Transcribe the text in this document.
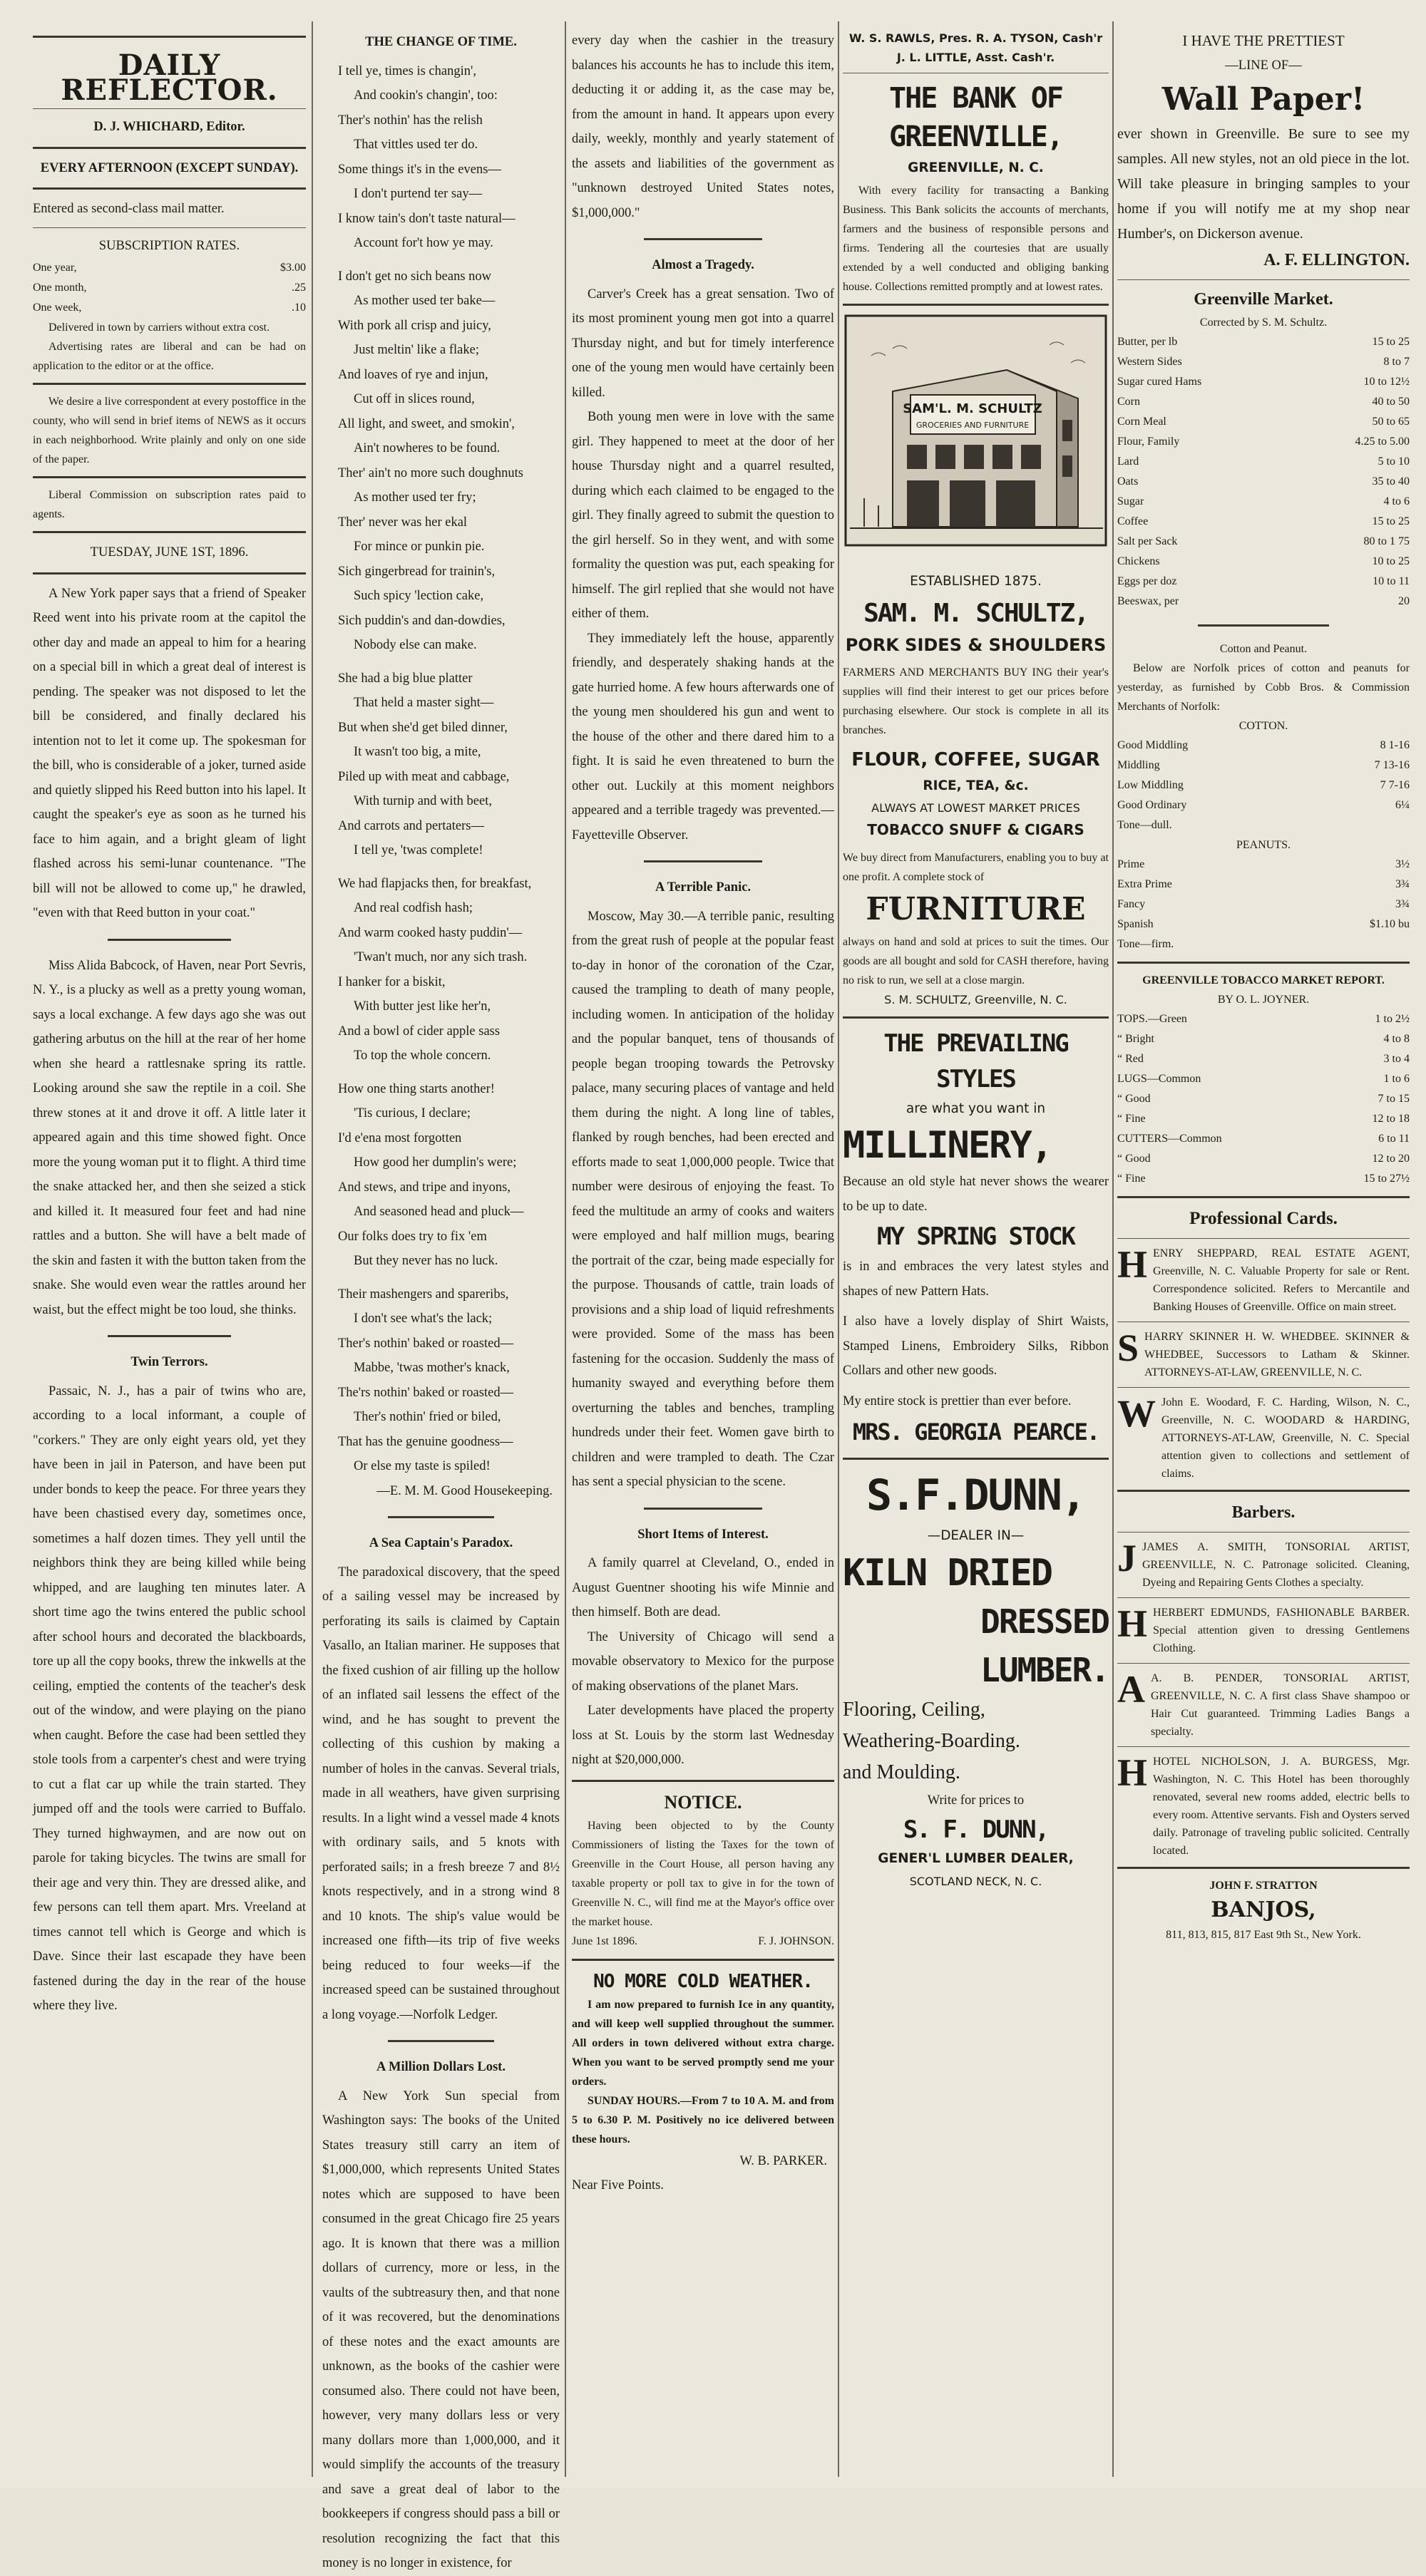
DAILY REFLECTOR.

D. J. WHICHARD, Editor.

EVERY AFTERNOON (EXCEPT SUNDAY).

Entered as second-class mail matter.

SUBSCRIPTION RATES.

One year,	$3.00
One month,	.25
One week,	.10

Delivered in town by carriers without extra cost.

Advertising rates are liberal and can be had on application to the editor or at the office.

We desire a live correspondent at every postoffice in the county, who will send in brief items of NEWS as it occurs in each neighborhood. Write plainly and only on one side of the paper.

Liberal Commission on subscription rates paid to agents.

TUESDAY, JUNE 1ST, 1896.

A New York paper says that a friend of Speaker Reed went into his private room at the capitol the other day and made an appeal to him for a hearing on a special bill in which a great deal of interest is pending. The speaker was not disposed to let the bill be considered, and finally declared his intention not to let it come up. The spokesman for the bill, who is considerable of a joker, turned aside and quietly slipped his Reed button into his lapel. It caught the speaker's eye as soon as he turned his face to him again, and a bright gleam of light flashed across his semi-lunar countenance. "The bill will not be allowed to come up," he drawled, "even with that Reed button in your coat."

Miss Alida Babcock, of Haven, near Port Sevris, N. Y., is a plucky as well as a pretty young woman, says a local exchange. A few days ago she was out gathering arbutus on the hill at the rear of her home when she heard a rattlesnake spring its rattle. Looking around she saw the reptile in a coil. She threw stones at it and drove it off. A little later it appeared again and this time showed fight. Once more the young woman put it to flight. A third time the snake attacked her, and then she seized a stick and killed it. It measured four feet and had nine rattles and a button. She will have a belt made of the skin and fasten it with the button taken from the snake. She would even wear the rattles around her waist, but the effect might be too loud, she thinks.

Twin Terrors.

Passaic, N. J., has a pair of twins who are, according to a local informant, a couple of "corkers." They are only eight years old, yet they have been in jail in Paterson, and have been put under bonds to keep the peace. For three years they have been chastised every day, sometimes once, sometimes a half dozen times. They yell until the neighbors think they are being killed while being whipped, and are laughing ten minutes later. A short time ago the twins entered the public school after school hours and decorated the blackboards, tore up all the copy books, threw the inkwells at the ceiling, emptied the contents of the teacher's desk out of the window, and were playing on the piano when caught. Before the case had been settled they stole tools from a carpenter's chest and were trying to cut a flat car up while the train started. They jumped off and the tools were carried to Buffalo. They turned highwaymen, and are now out on parole for taking bicycles. The twins are small for their age and very thin. They are dressed alike, and few persons can tell them apart. Mrs. Vreeland at times cannot tell which is George and which is Dave. Since their last escapade they have been fastened during the day in the rear of the house where they live.

THE CHANGE OF TIME.

I tell ye, times is changin',

And cookin's changin', too:

Ther's nothin' has the relish

That vittles used ter do.

Some things it's in the evens—

I don't purtend ter say—

I know tain's don't taste natural—

Account for't how ye may.

I don't get no sich beans now

As mother used ter bake—

With pork all crisp and juicy,

Just meltin' like a flake;

And loaves of rye and injun,

Cut off in slices round,

All light, and sweet, and smokin',

Ain't nowheres to be found.

Ther' ain't no more such doughnuts

As mother used ter fry;

Ther' never was her ekal

For mince or punkin pie.

Sich gingerbread for trainin's,

Such spicy 'lection cake,

Sich puddin's and dan-dowdies,

Nobody else can make.

She had a big blue platter

That held a master sight—

But when she'd get biled dinner,

It wasn't too big, a mite,

Piled up with meat and cabbage,

With turnip and with beet,

And carrots and pertaters—

I tell ye, 'twas complete!

We had flapjacks then, for breakfast,

And real codfish hash;

And warm cooked hasty puddin'—

'Twan't much, nor any sich trash.

I hanker for a biskit,

With butter jest like her'n,

And a bowl of cider apple sass

To top the whole concern.

How one thing starts another!

'Tis curious, I declare;

I'd e'ena most forgotten

How good her dumplin's were;

And stews, and tripe and inyons,

And seasoned head and pluck—

Our folks does try to fix 'em

But they never has no luck.

Their mashengers and spareribs,

I don't see what's the lack;

Ther's nothin' baked or roasted—

Mabbe, 'twas mother's knack,

The'rs nothin' baked or roasted—

Ther's nothin' fried or biled,

That has the genuine goodness—

Or else my taste is spiled!

—E. M. M. Good Housekeeping.

A Sea Captain's Paradox.

The paradoxical discovery, that the speed of a sailing vessel may be increased by perforating its sails is claimed by Captain Vasallo, an Italian mariner. He supposes that the fixed cushion of air filling up the hollow of an inflated sail lessens the effect of the wind, and he has sought to prevent the collecting of this cushion by making a number of holes in the canvas. Several trials, made in all weathers, have given surprising results. In a light wind a vessel made 4 knots with ordinary sails, and 5 knots with perforated sails; in a fresh breeze 7 and 8½ knots respectively, and in a strong wind 8 and 10 knots. The ship's value would be increased one fifth—its trip of five weeks being reduced to four weeks—if the increased speed can be sustained throughout a long voyage.—Norfolk Ledger.

A Million Dollars Lost.

A New York Sun special from Washington says: The books of the United States treasury still carry an item of $1,000,000, which represents United States notes which are supposed to have been consumed in the great Chicago fire 25 years ago. It is known that there was a million dollars of currency, more or less, in the vaults of the subtreasury then, and that none of it was recovered, but the denominations of these notes and the exact amounts are unknown, as the books of the cashier were consumed also. There could not have been, however, very many dollars less or very many dollars more than 1,000,000, and it would simplify the accounts of the treasury and save a great deal of labor to the bookkeepers if congress should pass a bill or resolution recognizing the fact that this money is no longer in existence, for

every day when the cashier in the treasury balances his accounts he has to include this item, deducting it or adding it, as the case may be, from the amount in hand. It appears upon every daily, weekly, monthly and yearly statement of the assets and liabilities of the government as "unknown destroyed United States notes, $1,000,000."

Almost a Tragedy.

Carver's Creek has a great sensation. Two of its most prominent young men got into a quarrel Thursday night, and but for timely interference one of the young men would have certainly been killed.

Both young men were in love with the same girl. They happened to meet at the door of her house Thursday night and a quarrel resulted, during which each claimed to be engaged to the girl. They finally agreed to submit the question to the girl herself. So in they went, and with some formality the question was put, each speaking for himself. The girl replied that she would not have either of them.

They immediately left the house, apparently friendly, and desperately shaking hands at the gate hurried home. A few hours afterwards one of the young men shouldered his gun and went to the house of the other and there dared him to a fight. It is said he even threatened to burn the other out. Luckily at this moment neighbors appeared and a terrible tragedy was prevented.—Fayetteville Observer.

A Terrible Panic.

Moscow, May 30.—A terrible panic, resulting from the great rush of people at the popular feast to-day in honor of the coronation of the Czar, caused the trampling to death of many people, including women. In anticipation of the holiday and the popular banquet, tens of thousands of people began trooping towards the Petrovsky palace, many securing places of vantage and held them during the night. A long line of tables, flanked by rough benches, had been erected and efforts made to seat 1,000,000 people. Twice that number were desirous of enjoying the feast. To feed the multitude an army of cooks and waiters were employed and half million mugs, bearing the portrait of the czar, being made especially for the purpose. Thousands of cattle, train loads of provisions and a ship load of liquid refreshments were provided. Some of the mass has been fastening for the occasion. Suddenly the mass of humanity swayed and everything before them overturning the tables and benches, trampling hundreds under their feet. Women gave birth to children and were trampled to death. The Czar has sent a special physician to the scene.

Short Items of Interest.

A family quarrel at Cleveland, O., ended in August Guentner shooting his wife Minnie and then himself. Both are dead.

The University of Chicago will send a movable observatory to Mexico for the purpose of making observations of the planet Mars.

Later developments have placed the property loss at St. Louis by the storm last Wednesday night at $20,000,000.

NOTICE.

Having been objected to by the County Commissioners of listing the Taxes for the town of Greenville in the Court House, all person having any taxable property or poll tax to give in for the town of Greenville N. C., will find me at the Mayor's office over the market house.

June 1st 1896.	F. J. JOHNSON.

NO MORE COLD WEATHER.

I am now prepared to furnish Ice in any quantity, and will keep well supplied throughout the summer. All orders in town delivered without extra charge. When you want to be served promptly send me your orders.

SUNDAY HOURS.—From 7 to 10 A. M. and from 5 to 6.30 P. M. Positively no ice delivered between these hours.

W. B. PARKER.

Near Five Points.

W. S. RAWLS, Pres. R. A. TYSON, Cash'r

J. L. LITTLE, Asst. Cash'r.

THE BANK OF GREENVILLE,

GREENVILLE, N. C.

With every facility for transacting a Banking Business. This Bank solicits the accounts of merchants, farmers and the business of responsible persons and firms. Tendering all the courtesies that are usually extended by a well conducted and obliging banking house. Collections remitted promptly and at lowest rates.

SAM'L. M. SCHULTZ
GROCERIES AND FURNITURE

ESTABLISHED 1875.

SAM. M. SCHULTZ,

PORK SIDES & SHOULDERS

FARMERS AND MERCHANTS BUY ING their year's supplies will find their interest to get our prices before purchasing elsewhere. Our stock is complete in all its branches.

FLOUR, COFFEE, SUGAR

RICE, TEA, &c.

ALWAYS AT LOWEST MARKET PRICES

TOBACCO SNUFF & CIGARS

We buy direct from Manufacturers, enabling you to buy at one profit. A complete stock of

FURNITURE

always on hand and sold at prices to suit the times. Our goods are all bought and sold for CASH therefore, having no risk to run, we sell at a close margin.

S. M. SCHULTZ, Greenville, N. C.

THE PREVAILING STYLES

are what you want in

MILLINERY,

Because an old style hat never shows the wearer to be up to date.

MY SPRING STOCK

is in and embraces the very latest styles and shapes of new Pattern Hats.

I also have a lovely display of Shirt Waists, Stamped Linens, Embroidery Silks, Ribbon Collars and other new goods.

My entire stock is prettier than ever before.

MRS. GEORGIA PEARCE.

S.F.DUNN,

—DEALER IN—

KILN DRIED

DRESSED LUMBER.

Flooring, Ceiling,

Weathering-Boarding.

and Moulding.

Write for prices to

S. F. DUNN,

GENER'L LUMBER DEALER,

SCOTLAND NECK, N. C.

I HAVE THE PRETTIEST

—LINE OF—

Wall Paper!

ever shown in Greenville. Be sure to see my samples. All new styles, not an old piece in the lot. Will take pleasure in bringing samples to your home if you will notify me at my shop near Humber's, on Dickerson avenue.

A. F. ELLINGTON.

Greenville Market.

Corrected by S. M. Schultz.

Butter, per lb	15 to 25
Western Sides	8 to 7
Sugar cured Hams	10 to 12½
Corn	40 to 50
Corn Meal	50 to 65
Flour, Family	4.25 to 5.00
Lard	5 to 10
Oats	35 to 40
Sugar	4 to 6
Coffee	15 to 25
Salt per Sack	80 to 1 75
Chickens	10 to 25
Eggs per doz	10 to 11
Beeswax, per	20

Cotton and Peanut.

Below are Norfolk prices of cotton and peanuts for yesterday, as furnished by Cobb Bros. & Commission Merchants of Norfolk:

COTTON.

Good Middling	8 1-16
Middling	7 13-16
Low Middling	7 7-16
Good Ordinary	6¼
Tone—dull.

PEANUTS.

Prime	3½
Extra Prime	3¾
Fancy	3¾
Spanish	$1.10 bu
Tone—firm.

GREENVILLE TOBACCO MARKET REPORT.

BY O. L. JOYNER.

TOPS.—Green	1 to 2½
“ Bright	4 to 8
“ Red	3 to 4
LUGS—Common	1 to 6
“ Good	7 to 15
“ Fine	12 to 18
CUTTERS—Common	6 to 11
“ Good	12 to 20
“ Fine	15 to 27½

Professional Cards.

H ENRY SHEPPARD, REAL ESTATE AGENT, Greenville, N. C. Valuable Property for sale or Rent. Correspondence solicited. Refers to Mercantile and Banking Houses of Greenville. Office on main street.

S HARRY SKINNER H. W. WHEDBEE. SKINNER & WHEDBEE, Successors to Latham & Skinner. ATTORNEYS-AT-LAW, GREENVILLE, N. C.

W John E. Woodard, F. C. Harding, Wilson, N. C., Greenville, N. C. WOODARD & HARDING, ATTORNEYS-AT-LAW, Greenville, N. C. Special attention given to collections and settlement of claims.

Barbers.

J JAMES A. SMITH, TONSORIAL ARTIST, GREENVILLE, N. C. Patronage solicited. Cleaning, Dyeing and Repairing Gents Clothes a specialty.

H HERBERT EDMUNDS, FASHIONABLE BARBER. Special attention given to dressing Gentlemens Clothing.

A A. B. PENDER, TONSORIAL ARTIST, GREENVILLE, N. C. A first class Shave shampoo or Hair Cut guaranteed. Trimming Ladies Bangs a specialty.

H HOTEL NICHOLSON, J. A. BURGESS, Mgr. Washington, N. C. This Hotel has been thoroughly renovated, several new rooms added, electric bells to every room. Attentive servants. Fish and Oysters served daily. Patronage of traveling public solicited. Centrally located.

JOHN F. STRATTON

BANJOS,

811, 813, 815, 817 East 9th St., New York.
